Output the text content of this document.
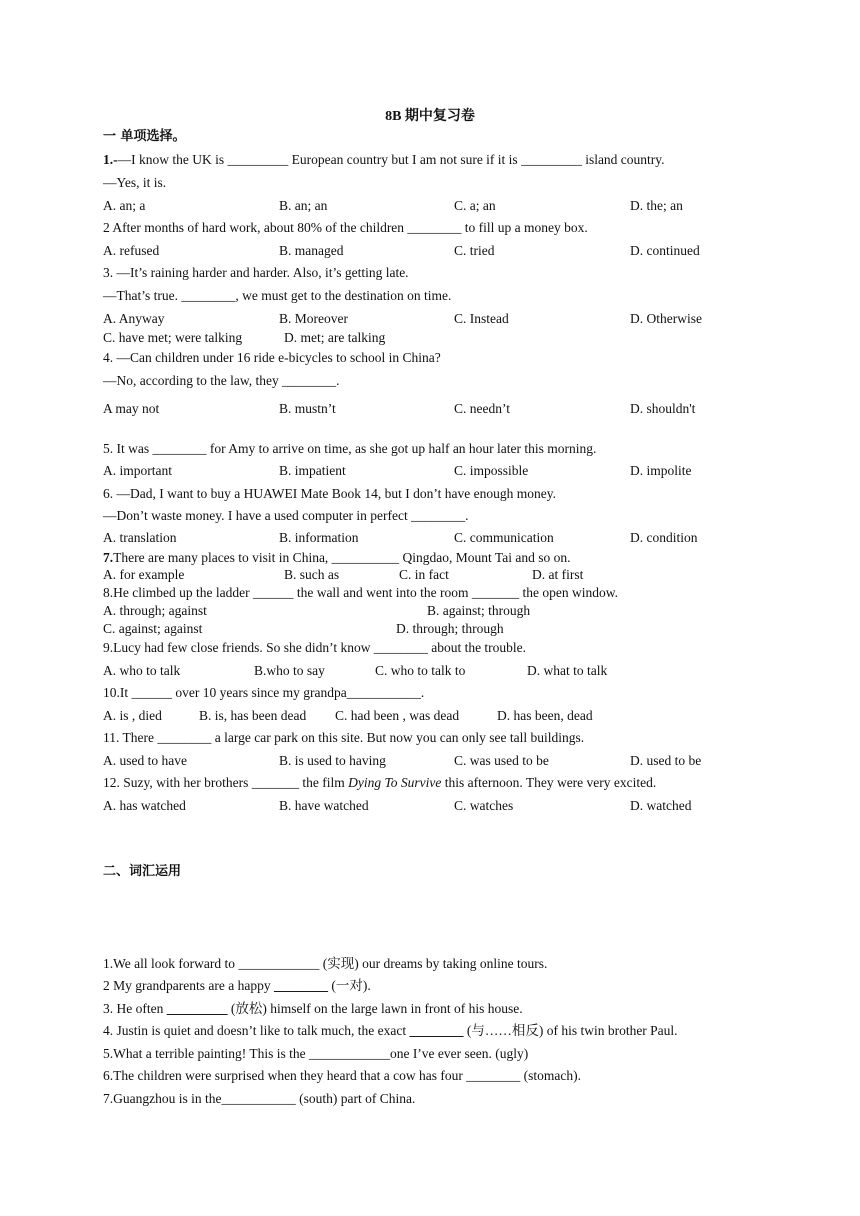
8B 期中复习卷
一 单项选择。
1.-—I know the UK is _________ European country but I am not sure if it is _________ island country.
—Yes, it is.
A. an; a	B. an; an	C. a; an	D. the; an
2 After months of hard work, about 80% of the children ________ to fill up a money box.
A. refused	B. managed	C. tried	D. continued
3. —It’s raining harder and harder. Also, it’s getting late.
—That’s true. ________, we must get to the destination on time.
A. Anyway	B. Moreover	C. Instead	D. Otherwise
C. have met; were talking	D. met; are talking
4. —Can children under 16 ride e-bicycles to school in China?
—No, according to the law, they ________.
A may not	B. mustn’t	C. needn’t	D. shouldn't
5. It was ________ for Amy to arrive on time, as she got up half an hour later this morning.
A. important	B. impatient	C. impossible	D. impolite
6. —Dad, I want to buy a HUAWEI Mate Book 14, but I don’t have enough money.
—Don’t waste money. I have a used computer in perfect ________.
A. translation	B. information	C. communication	D. condition
7.There are many places to visit in China, __________ Qingdao, Mount Tai and so on.
A. for example	B. such as	C. in fact	D. at first
8.He climbed up the ladder ______ the wall and went into the room _______ the open window.
A. through; against	B. against; through
C. against; against	D. through; through
9.Lucy had few close friends. So she didn’t know ________ about the trouble.
A. who to talk	B.who to say	C. who to talk to	D. what to talk
10.It ______ over 10 years since my grandpa___________.
A. is , died	B. is, has been dead C. had been , was dead	D. has been, dead
11. There ________ a large car park on this site. But now you can only see tall buildings.
A. used to have	B. is used to having	C. was used to be	D. used to be
12. Suzy, with her brothers _______ the film Dying To Survive this afternoon. They were very excited.
A. has watched	B. have watched	C. watches	D. watched
二、词汇运用
1.We all look forward to ____________ (实现) our dreams by taking online tours.
2 My grandparents are a happy ________ (一对).
3. He often _________ (放松) himself on the large lawn in front of his house.
4. Justin is quiet and doesn’t like to talk much, the exact ________ (与……相反) of his twin brother Paul.
5.What a terrible painting! This is the ____________one I’ve ever seen. (ugly)
6.The children were surprised when they heard that a cow has four ________ (stomach).
7.Guangzhou is in the___________ (south) part of China.
